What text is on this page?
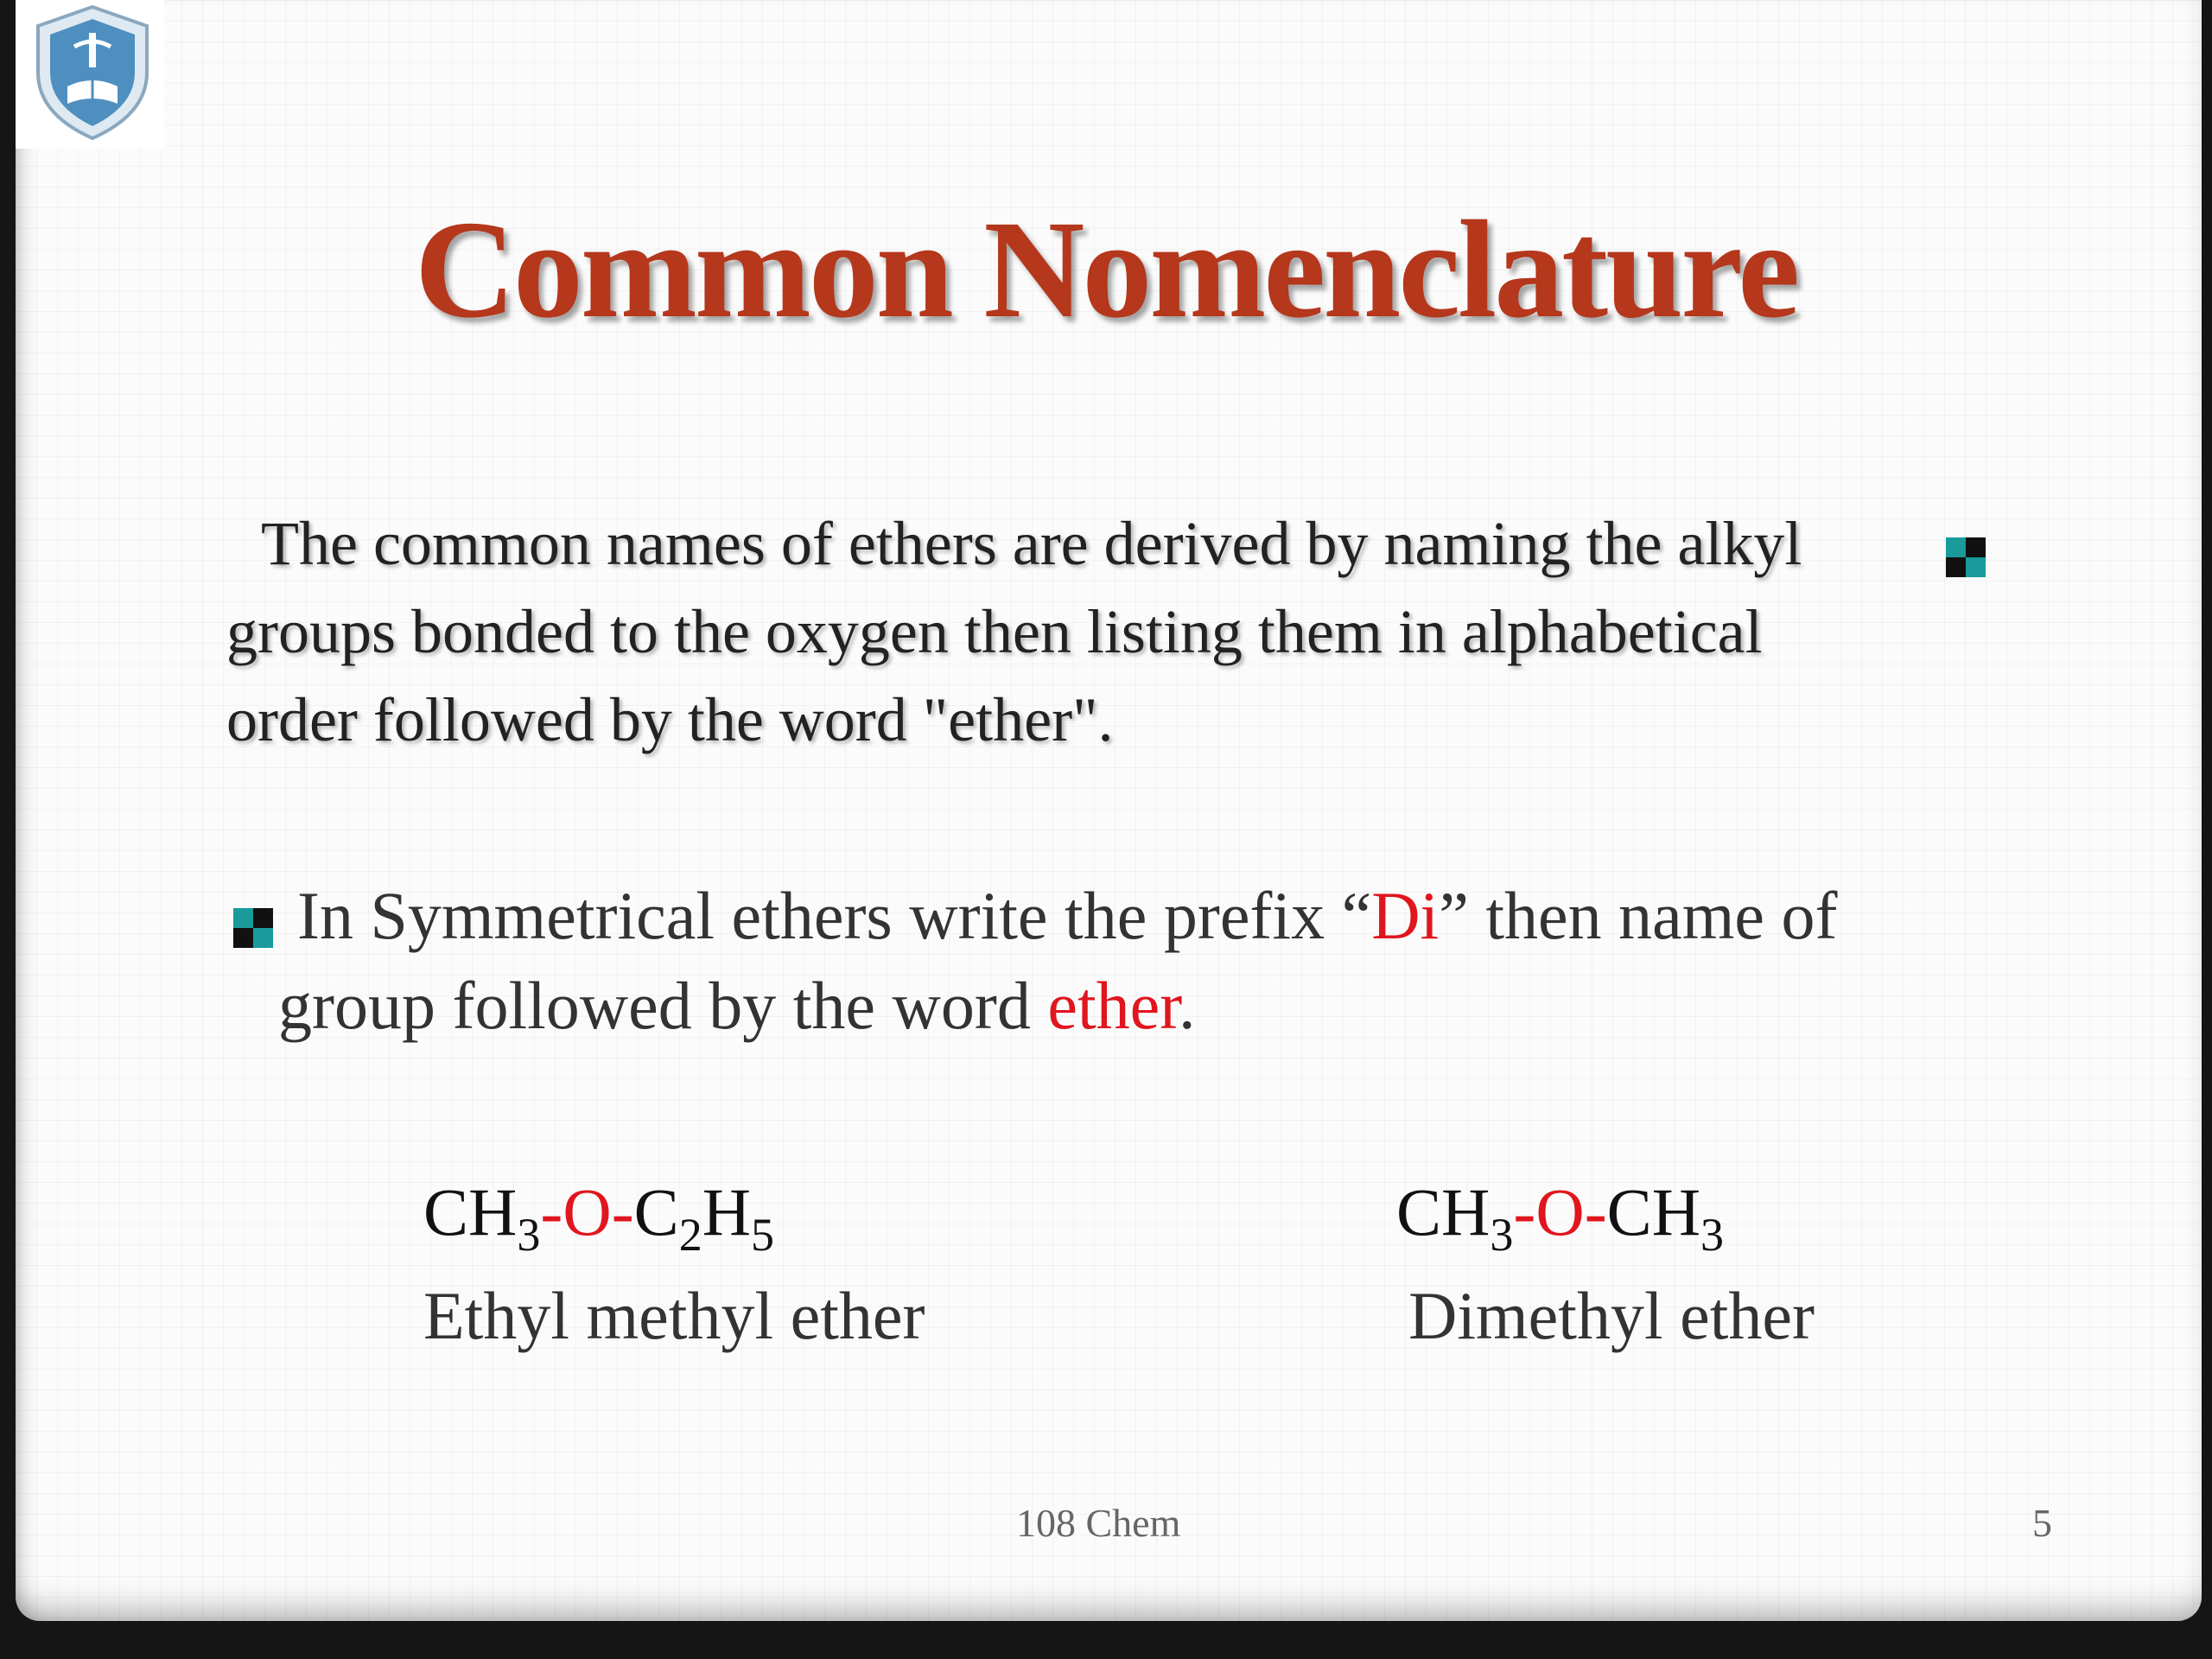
Common Nomenclature

The common names of ethers are derived by naming the alkyl groups bonded to the oxygen then listing them in alphabetical order followed by the word "ether".

In Symmetrical ethers write the prefix “Di” then name of group followed by the word ether.

$CH_3-O-C_2H_5$	$CH_3-O-CH_3$
Ethyl methyl ether	Dimethyl ether
108 Chem	5
